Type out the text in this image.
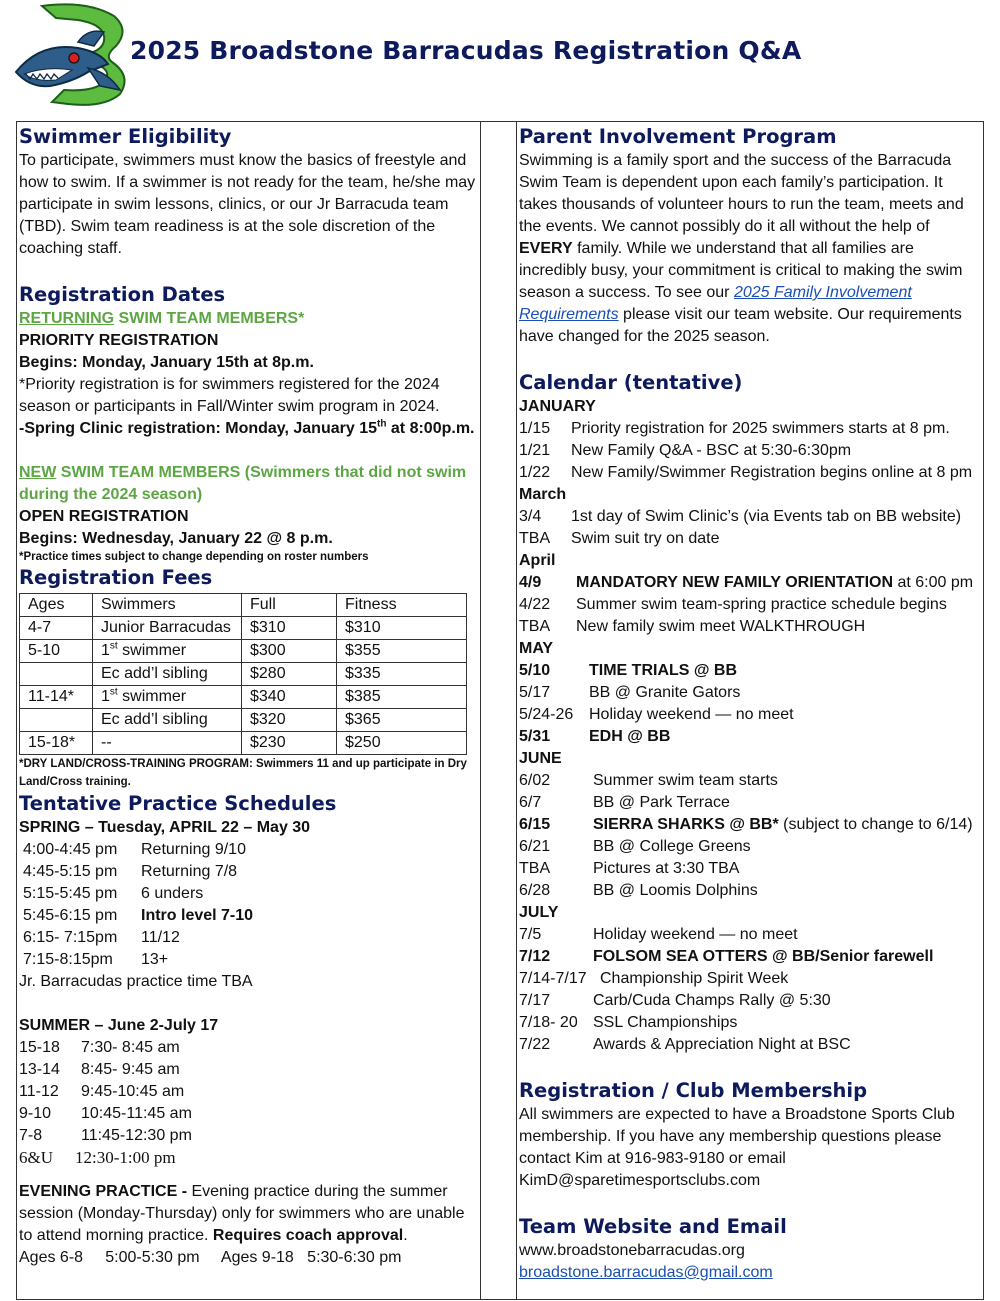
2025 Broadstone Barracudas Registration Q&A
Swimmer Eligibility
To participate, swimmers must know the basics of freestyle and
how to swim. If a swimmer is not ready for the team, he/she may
participate in swim lessons, clinics, or our Jr Barracuda team
(TBD). Swim team readiness is at the sole discretion of the
coaching staff.
Registration Dates
RETURNING SWIM TEAM MEMBERS*
PRIORITY REGISTRATION
Begins: Monday, January 15th at 8p.m.
*Priority registration is for swimmers registered for the 2024
season or participants in Fall/Winter swim program in 2024.
-Spring Clinic registration: Monday, January 15th at 8:00p.m.
NEW SWIM TEAM MEMBERS (Swimmers that did not swim
during the 2024 season)
OPEN REGISTRATION
Begins: Wednesday, January 22 @ 8 p.m.
*Practice times subject to change depending on roster numbers
Registration Fees
Ages	Swimmers	Full	Fitness
4-7	Junior Barracudas	$310	$310
5-10	1st swimmer	$300	$355
	Ec add’l sibling	$280	$335
11-14*	1st swimmer	$340	$385
	Ec add’l sibling	$320	$365
15-18*	--	$230	$250
*DRY LAND/CROSS-TRAINING PROGRAM: Swimmers 11 and up participate in Dry Land/Cross training.
Tentative Practice Schedules
SPRING – Tuesday, APRIL 22 – May 30
4:00-4:45 pm	Returning 9/10
4:45-5:15 pm	Returning 7/8
5:15-5:45 pm	6 unders
5:45-6:15 pm	Intro level 7-10
6:15- 7:15pm	11/12
7:15-8:15pm	13+
Jr. Barracudas practice time TBA
SUMMER – June 2-July 17
15-18	7:30- 8:45 am
13-14	8:45- 9:45 am
11-12	9:45-10:45 am
9-10	10:45-11:45 am
7-8	11:45-12:30 pm
6&U	12:30-1:00 pm
EVENING PRACTICE - Evening practice during the summer session (Monday-Thursday) only for swimmers who are unable to attend morning practice. Requires coach approval.
Ages 6-8     5:00-5:30 pm     Ages 9-18   5:30-6:30 pm
Parent Involvement Program
Swimming is a family sport and the success of the Barracuda Swim Team is dependent upon each family’s participation. It takes thousands of volunteer hours to run the team, meets and the events. We cannot possibly do it all without the help of EVERY family. While we understand that all families are incredibly busy, your commitment is critical to making the swim season a success. To see our 2025 Family Involvement Requirements please visit our team website. Our requirements have changed for the 2025 season.
Calendar (tentative)
JANUARY
1/15	Priority registration for 2025 swimmers starts at 8 pm.
1/21	New Family Q&A - BSC at 5:30-6:30pm
1/22	New Family/Swimmer Registration begins online at 8 pm
March
3/4	1st day of Swim Clinic’s (via Events tab on BB website)
TBA	Swim suit try on date
April
4/9	MANDATORY NEW FAMILY ORIENTATION at 6:00 pm
4/22	Summer swim team-spring practice schedule begins
TBA	New family swim meet WALKTHROUGH
MAY
5/10	TIME TRIALS @ BB
5/17	BB @ Granite Gators
5/24-26 Holiday weekend — no meet
5/31	EDH @ BB
JUNE
6/02	Summer swim team starts
6/7	BB @ Park Terrace
6/15	SIERRA SHARKS @ BB* (subject to change to 6/14)
6/21	BB @ College Greens
TBA	Pictures at 3:30 TBA
6/28	BB @ Loomis Dolphins
JULY
7/5	Holiday weekend — no meet
7/12	FOLSOM SEA OTTERS @ BB/Senior farewell
7/14-7/17 Championship Spirit Week
7/17	Carb/Cuda Champs Rally @ 5:30
7/18- 20 SSL Championships
7/22	Awards & Appreciation Night at BSC
Registration / Club Membership
All swimmers are expected to have a Broadstone Sports Club membership. If you have any membership questions please contact Kim at 916-983-9180 or email KimD@sparetimesportsclubs.com
Team Website and Email
www.broadstonebarracudas.org
broadstone.barracudas@gmail.com
